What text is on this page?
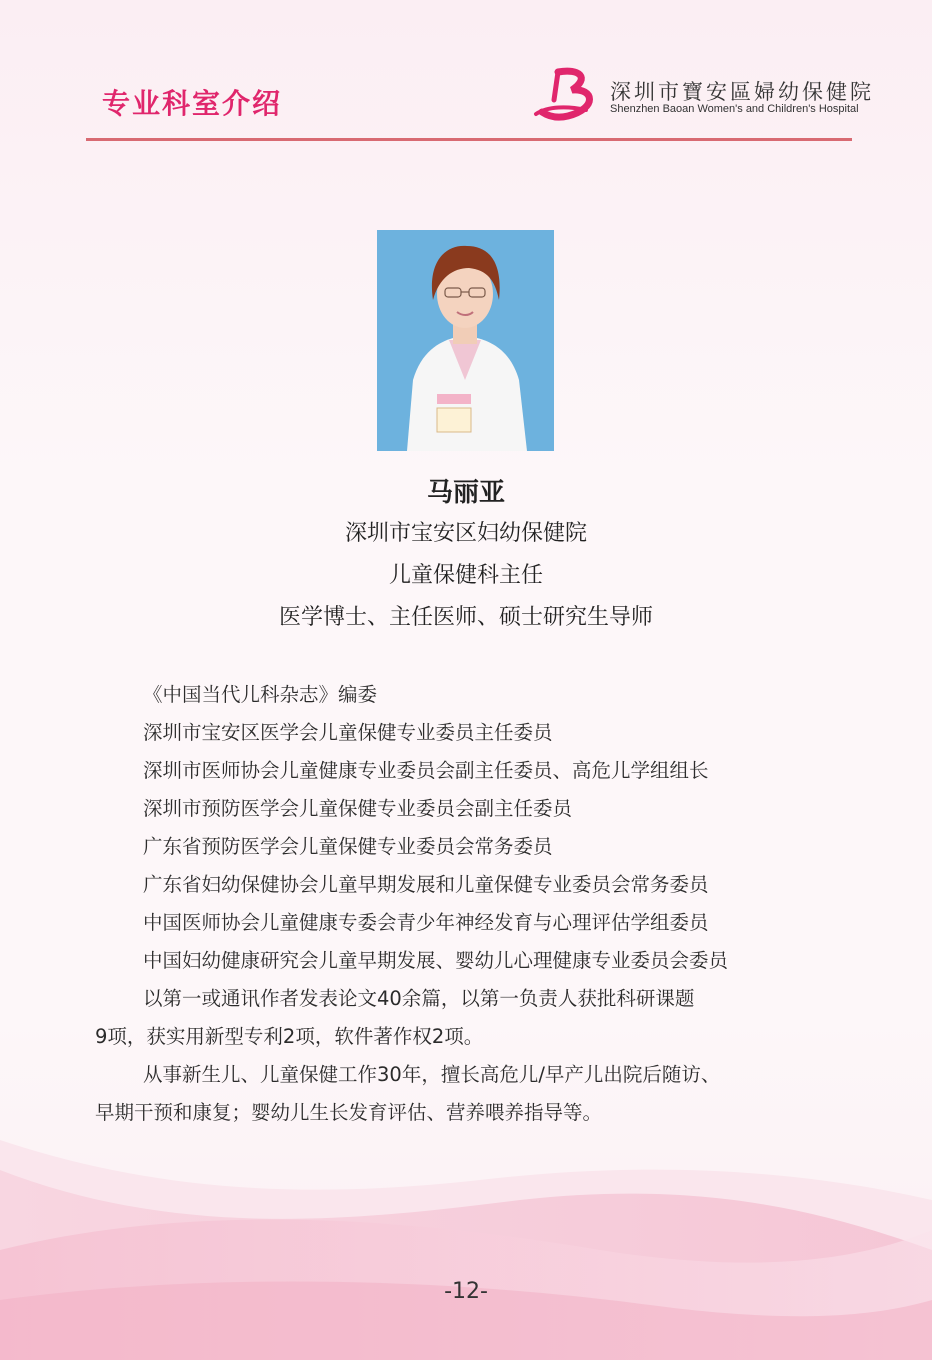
专业科室介绍	深圳市寶安區婦幼保健院
Shenzhen Baoan Women's and Children's Hospital
马丽亚
深圳市宝安区妇幼保健院
儿童保健科主任
医学博士、主任医师、硕士研究生导师
《中国当代儿科杂志》编委
深圳市宝安区医学会儿童保健专业委员主任委员
深圳市医师协会儿童健康专业委员会副主任委员、高危儿学组组长
深圳市预防医学会儿童保健专业委员会副主任委员
广东省预防医学会儿童保健专业委员会常务委员
广东省妇幼保健协会儿童早期发展和儿童保健专业委员会常务委员
中国医师协会儿童健康专委会青少年神经发育与心理评估学组委员
中国妇幼健康研究会儿童早期发展、婴幼儿心理健康专业委员会委员
以第一或通讯作者发表论文40余篇，以第一负责人获批科研课题
9项，获实用新型专利2项，软件著作权2项。
从事新生儿、儿童保健工作30年，擅长高危儿/早产儿出院后随访、
早期干预和康复；婴幼儿生长发育评估、营养喂养指导等。
-12-
